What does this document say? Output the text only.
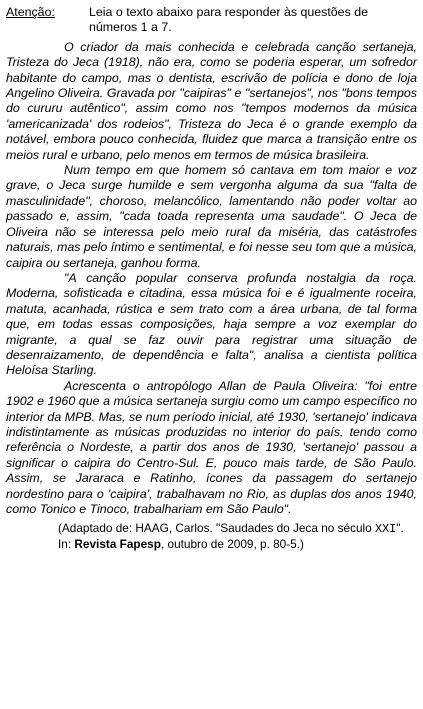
Atenção:	Leia o texto abaixo para responder às questões de números 1 a 7.

O criador da mais conhecida e celebrada canção sertaneja, Tristeza do Jeca (1918), não era, como se poderia esperar, um sofredor habitante do campo, mas o dentista, escrivão de polícia e dono de loja Angelino Oliveira. Gravada por "caipiras" e "sertanejos", nos "bons tempos do cururu autêntico", assim como nos "tempos modernos da música 'americanizada' dos rodeios", Tristeza do Jeca é o grande exemplo da notável, embora pouco conhecida, fluidez que marca a transição entre os meios rural e urbano, pelo menos em termos de música brasileira.

Num tempo em que homem só cantava em tom maior e voz grave, o Jeca surge humilde e sem vergonha alguma da sua "falta de masculinidade", choroso, melancólico, lamentando não poder voltar ao passado e, assim, "cada toada representa uma saudade". O Jeca de Oliveira não se interessa pelo meio rural da miséria, das catástrofes naturais, mas pelo íntimo e sentimental, e foi nesse seu tom que a música, caipira ou sertaneja, ganhou forma.

"A canção popular conserva profunda nostalgia da roça. Moderna, sofisticada e citadina, essa música foi e é igualmente roceira, matuta, acanhada, rústica e sem trato com a área urbana, de tal forma que, em todas essas composições, haja sempre a voz exemplar do migrante, a qual se faz ouvir para registrar uma situação de desenraizamento, de dependência e falta", analisa a cientista política Heloísa Starling.

Acrescenta o antropólogo Allan de Paula Oliveira: "foi entre 1902 e 1960 que a música sertaneja surgiu como um campo específico no interior da MPB. Mas, se num período inicial, até 1930, 'sertanejo' indicava indistintamente as músicas produzidas no interior do país, tendo como referência o Nordeste, a partir dos anos de 1930, 'sertanejo' passou a significar o caipira do Centro-Sul. E, pouco mais tarde, de São Paulo. Assim, se Jararaca e Ratinho, ícones da passagem do sertanejo nordestino para o 'caipira', trabalhavam no Rio, as duplas dos anos 1940, como Tonico e Tinoco, trabalhariam em São Paulo".

(Adaptado de: HAAG, Carlos. "Saudades do Jeca no século XXI". In: Revista Fapesp, outubro de 2009, p. 80-5.)
